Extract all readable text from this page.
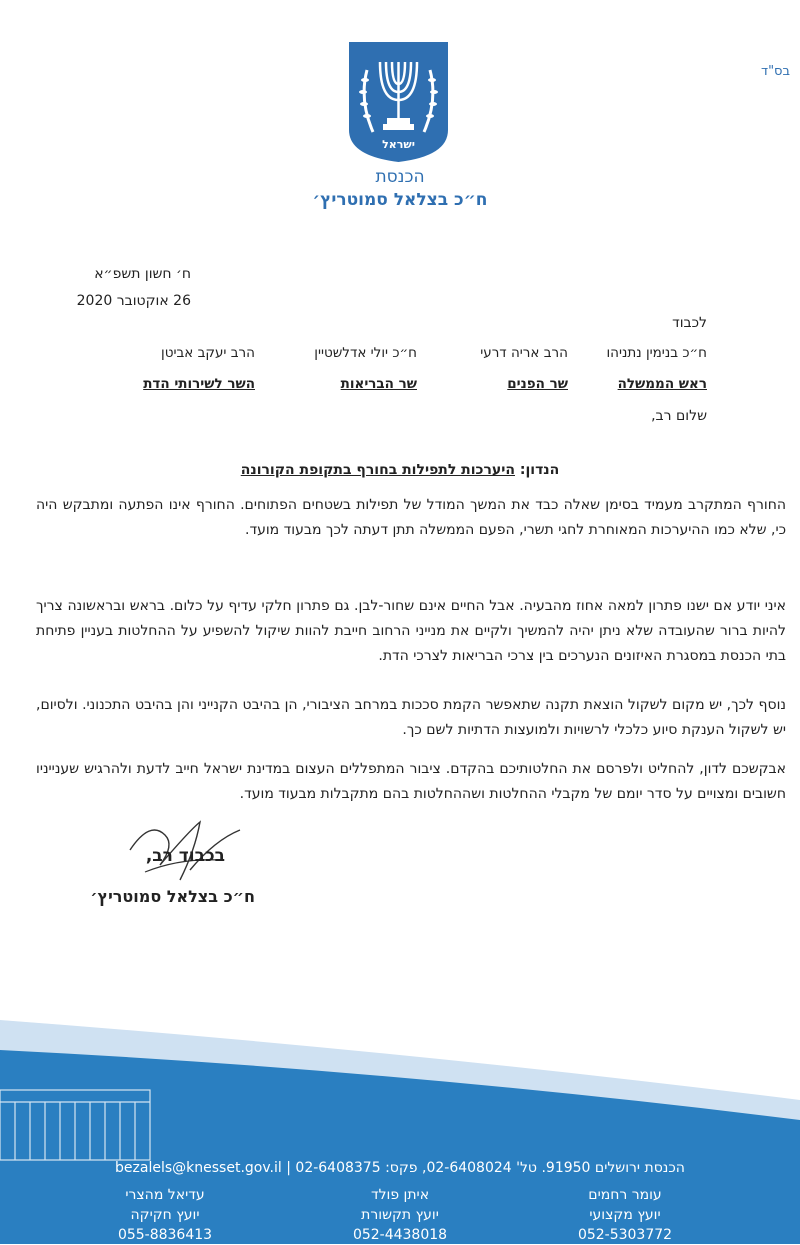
בס"ד
ישראל
הכנסת
ח״כ בצלאל סמוטריץ׳
ח׳ חשון תשפ״א
26 אוקטובר 2020
לכבוד
ח״כ בנימין נתניהו
הרב אריה דרעי
ח״כ יולי אדלשטיין
הרב יעקב אביטן
ראש הממשלה
שר הפנים
שר הבריאות
השר לשירותי הדת
שלום רב,
הנדון: היערכות לתפילות בחורף בתקופת הקורונה
החורף המתקרב מעמיד בסימן שאלה כבד את המשך המודל של תפילות בשטחים הפתוחים. החורף אינו הפתעה ומתבקש היה כי, שלא כמו ההיערכות המאוחרת לחגי תשרי, הפעם הממשלה תתן דעתה לכך מבעוד מועד.
איני יודע אם ישנו פתרון למאה אחוז מהבעיה. אבל החיים אינם שחור-לבן. גם פתרון חלקי עדיף על כלום. בראש ובראשונה צריך להיות ברור שהעובדה שלא ניתן יהיה להמשיך ולקיים את מנייני הרחוב חייבת להוות שיקול להשפיע על ההחלטות בעניין פתיחת בתי הכנסת במסגרת האיזונים הנערכים בין צרכי הבריאות לצרכי הדת.
נוסף לכך, יש מקום לשקול הוצאת תקנה שתאפשר הקמת סככות במרחב הציבורי, הן בהיבט הקנייני והן בהיבט התכנוני. ולסיום, יש לשקול הענקת סיוע כלכלי לרשויות ולמועצות הדתיות לשם כך.
אבקשכם לדון, להחליט ולפרסם את החלטותיכם בהקדם. ציבור המתפללים העצום במדינת ישראל חייב לדעת ולהרגיש שענייניו חשובים ומצויים על סדר יומם של מקבלי ההחלטות ושההחלטות בהם מתקבלות מבעוד מועד.
בכבוד רב,
ח״כ בצלאל סמוטריץ׳
הכנסת ירושלים 91950. טל' 02-6408024, פקס: 02-6408375 | bezalels@knesset.gov.il
עדיאל מהצרי
יועץ חקיקה
055-8836413
איתן פולד
יועץ תקשורת
052-4438018
עומר רחמים
יועץ מקצועי
052-5303772
